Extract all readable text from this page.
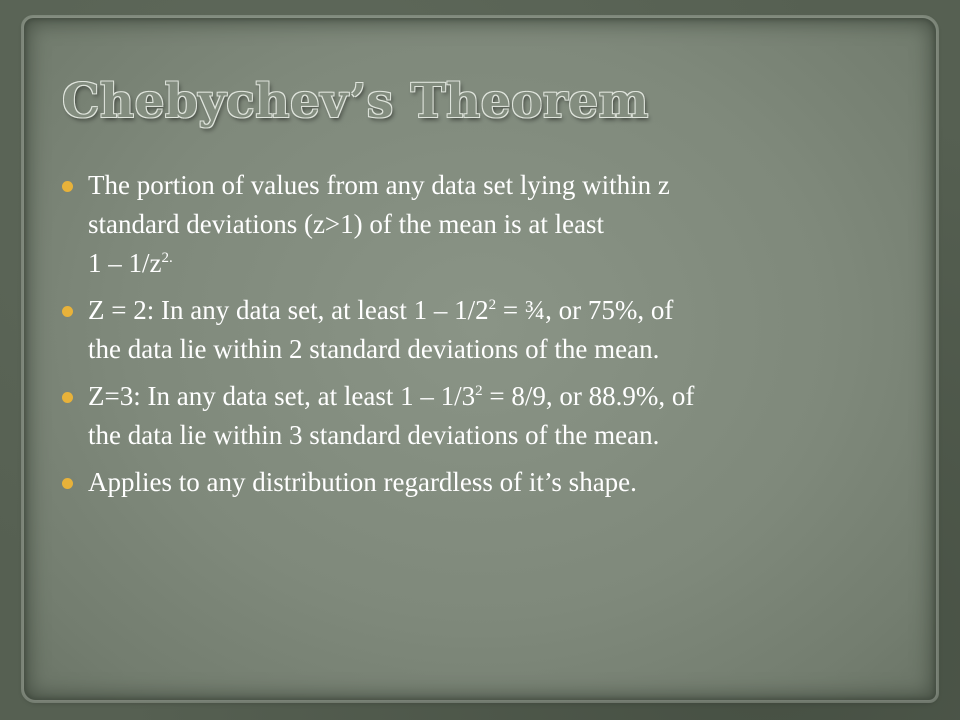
Chebychev’s Theorem
The portion of values from any data set lying within z
standard deviations (z>1) of the mean is at least
$1 - 1/z^{2.}$
Z = 2: In any data set, at least $1 - 1/2^2$ = ¾, or 75%, of
the data lie within 2 standard deviations of the mean.
Z=3: In any data set, at least $1 - 1/3^2 = 8/9$, or 88.9%, of
the data lie within 3 standard deviations of the mean.
Applies to any distribution regardless of it’s shape.
